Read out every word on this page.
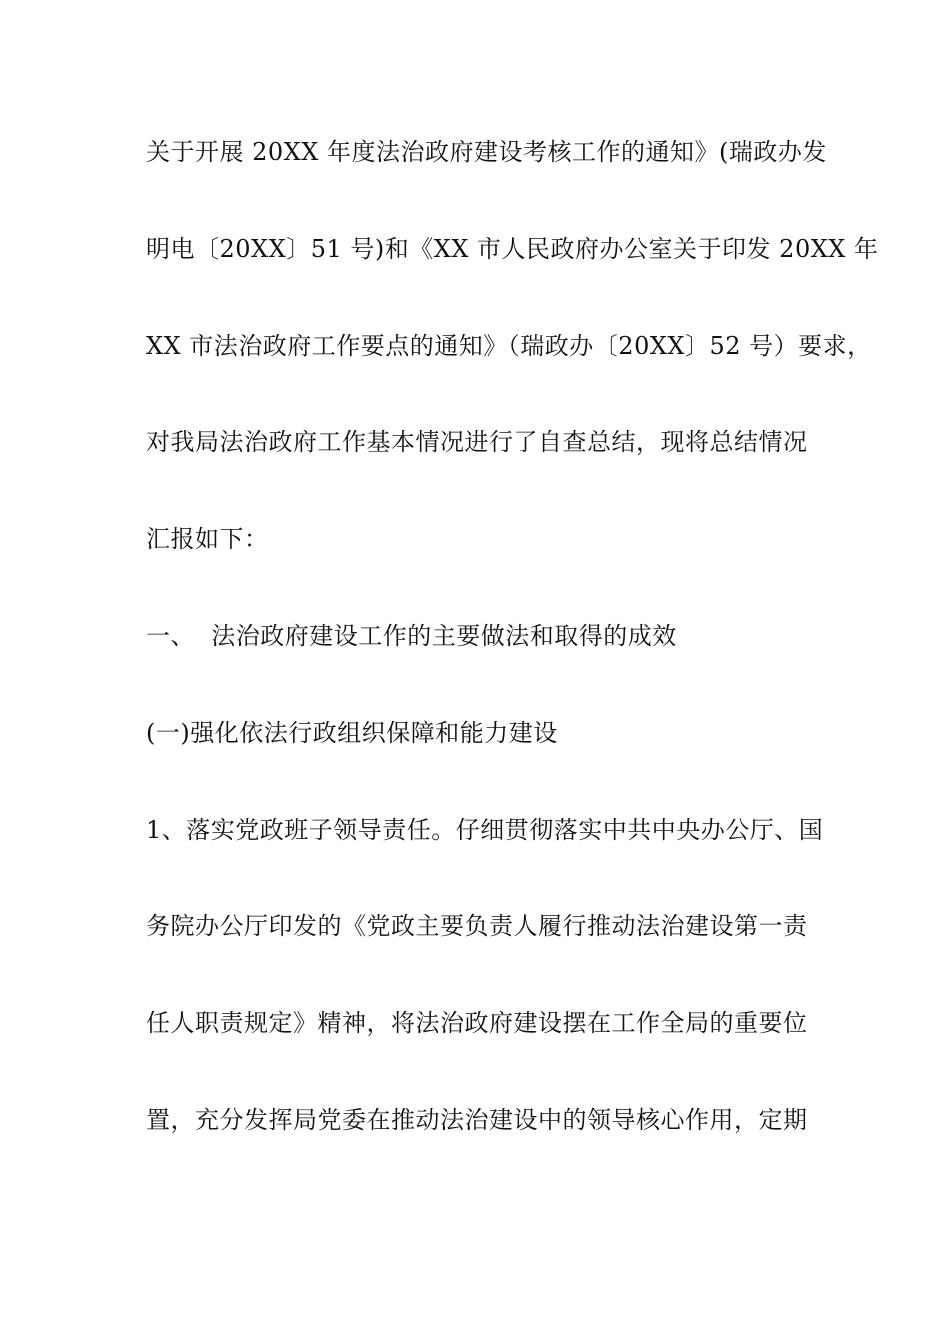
关于开展 20XX 年度法治政府建设考核工作的通知》(瑞政办发
明电〔20XX〕51 号)和《XX 市人民政府办公室关于印发 20XX 年
XX 市法治政府工作要点的通知》（瑞政办〔20XX〕52 号）要求，
对我局法治政府工作基本情况进行了自查总结，现将总结情况
汇报如下：
一、  法治政府建设工作的主要做法和取得的成效
(一)强化依法行政组织保障和能力建设
1、落实党政班子领导责任。仔细贯彻落实中共中央办公厅、国
务院办公厅印发的《党政主要负责人履行推动法治建设第一责
任人职责规定》精神，将法治政府建设摆在工作全局的重要位
置，充分发挥局党委在推动法治建设中的领导核心作用，定期
